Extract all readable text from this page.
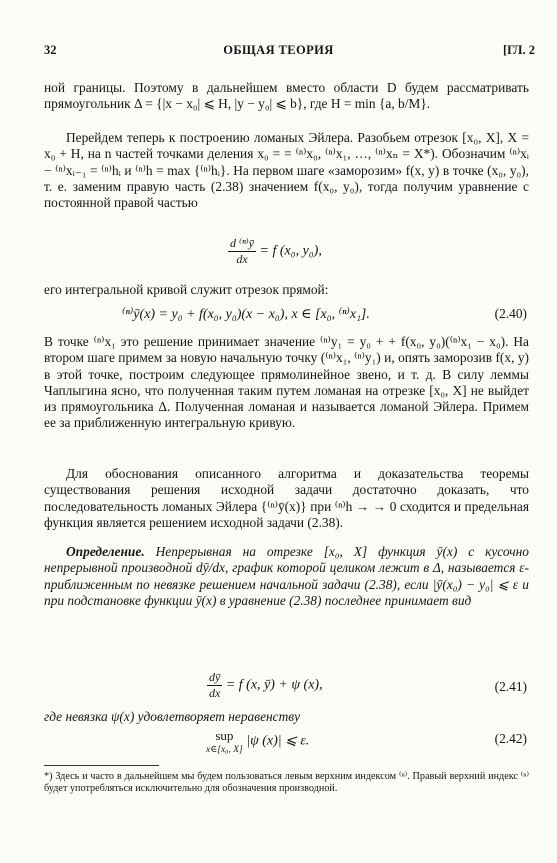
32	ОБЩАЯ ТЕОРИЯ	[ГЛ. 2

ной границы. Поэтому в дальнейшем вместо области D будем рассматривать прямоугольник Δ = {|x − x₀| ⩽ H, |y − y₀| ⩽ b}, где H = min {a, b/M}.

Перейдем теперь к построению ломаных Эйлера. Разобьем отрезок [x₀, X], X = x₀ + H, на n частей точками деления x₀ = = ⁽ⁿ⁾x₀, ⁽ⁿ⁾x₁, …, ⁽ⁿ⁾xₙ = X*). Обозначим ⁽ⁿ⁾xᵢ − ⁽ⁿ⁾xᵢ₋₁ = ⁽ⁿ⁾hᵢ и ⁽ⁿ⁾h = max {⁽ⁿ⁾hᵢ}. На первом шаге «заморозим» f(x, y) в точке (x₀, y₀), т. е. заменим правую часть (2.38) значением f(x₀, y₀), тогда получим уравнение с постоянной правой частью

$\frac{\text{d ⁽ⁿ⁾ȳ}}{dx} = f$ (x₀, y₀),

его интегральной кривой служит отрезок прямой:

⁽ⁿ⁾ȳ(x) = y₀ + f(x₀, y₀)(x − x₀), x ∈ [x₀, ⁽ⁿ⁾x₁].	(2.40)

В точке ⁽ⁿ⁾x₁ это решение принимает значение ⁽ⁿ⁾y₁ = y₀ + + f(x₀, y₀)(⁽ⁿ⁾x₁ − x₀). На втором шаге примем за новую начальную точку (⁽ⁿ⁾x₁, ⁽ⁿ⁾y₁) и, опять заморозив f(x, y) в этой точке, построим следующее прямолинейное звено, и т. д. В силу леммы Чаплыгина ясно, что полученная таким путем ломаная на отрезке [x₀, X] не выйдет из прямоугольника Δ. Полученная ломаная и называется ломаной Эйлера. Примем ее за приближенную интегральную кривую.

Для обоснования описанного алгоритма и доказательства теоремы существования решения исходной задачи достаточно доказать, что последовательность ломаных Эйлера {⁽ⁿ⁾ȳ(x)} при ⁽ⁿ⁾h → → 0 сходится и предельная функция является решением исходной задачи (2.38).

Определение. Непрерывная на отрезке [x₀, X] функция ȳ(x) с кусочно непрерывной производной dȳ/dx, график которой целиком лежит в Δ, называется ε-приближенным по невязке решением начальной задачи (2.38), если |ȳ(x₀) − y₀| ⩽ ε и при подстановке функции ȳ(x) в уравнение (2.38) последнее принимает вид

$\frac{dȳ}{dx} = f$ (x, ȳ) + ψ (x),	(2.41)

где невязка ψ(x) удовлетворяет неравенству

sup
x∈[x₀, X]
|ψ (x)| ⩽ ε.	(2.42)
*) Здесь и часто в дальнейшем мы будем пользоваться левым верхним индексом ⁽ⁿ⁾. Правый верхний индекс ⁽ⁿ⁾ будет употребляться исключительно для обозначения производной.
